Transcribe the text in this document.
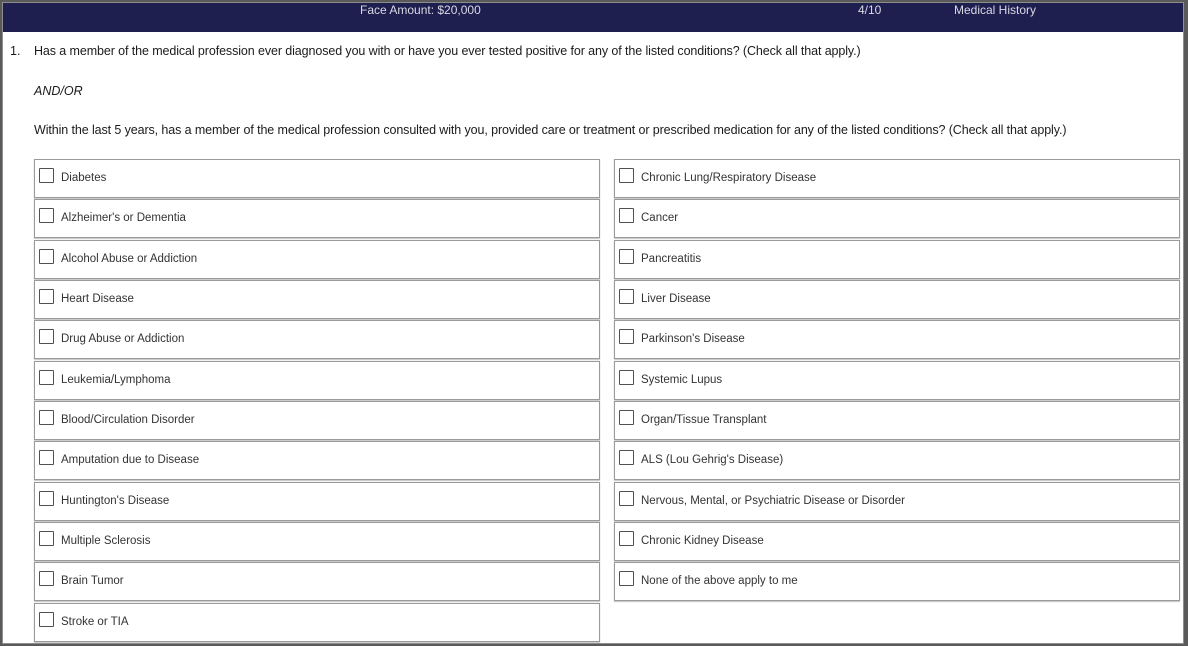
Face Amount: $20,000	4/10	Medical History
1. Has a member of the medical profession ever diagnosed you with or have you ever tested positive for any of the listed conditions? (Check all that apply.)
AND/OR
Within the last 5 years, has a member of the medical profession consulted with you, provided care or treatment or prescribed medication for any of the listed conditions? (Check all that apply.)
Diabetes
Alzheimer's or Dementia
Alcohol Abuse or Addiction
Heart Disease
Drug Abuse or Addiction
Leukemia/Lymphoma
Blood/Circulation Disorder
Amputation due to Disease
Huntington's Disease
Multiple Sclerosis
Brain Tumor
Stroke or TIA
Chronic Lung/Respiratory Disease
Cancer
Pancreatitis
Liver Disease
Parkinson's Disease
Systemic Lupus
Organ/Tissue Transplant
ALS (Lou Gehrig's Disease)
Nervous, Mental, or Psychiatric Disease or Disorder
Chronic Kidney Disease
None of the above apply to me
